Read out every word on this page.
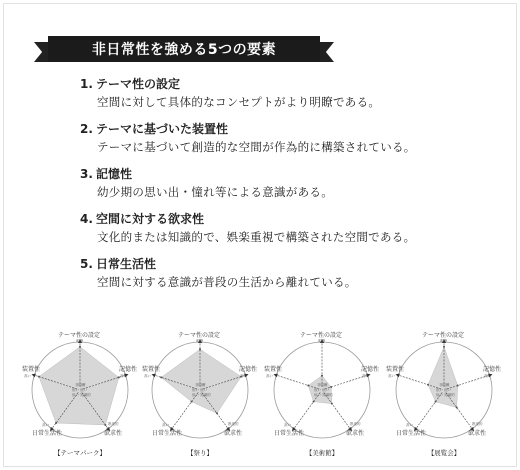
非日常性を強める5つの要素
1. テーマ性の設定
空間に対して具体的なコンセプトがより明瞭である。
2. テーマに基づいた装置性
テーマに基づいて創造的な空間が作為的に構築されている。
3. 記憶性
幼少期の思い出・憧れ等による意識がある。
4. 空間に対する欲求性
文化的または知識的で、娯楽重視で構築された空間である。
5. 日常生活性
空間に対する意識が普段の生活から離れている。
テーマ性の設定
記憶性
欲求性
日常生活性
装置性
明瞭
高い
娯楽的
高い
高い
非明瞭
低い 低い
低い 知識的
【テーマパーク】
テーマ性の設定
記憶性
欲求性
日常生活性
装置性
明瞭
高い
娯楽的
高い
高い
非明瞭
低い 低い
低い 知識的
【祭り】
テーマ性の設定
記憶性
欲求性
日常生活性
装置性
明瞭
高い
娯楽的
高い
高い
非明瞭
低い 低い
低い 知識的
【美術館】
テーマ性の設定
記憶性
欲求性
日常生活性
装置性
明瞭
高い
娯楽的
高い
高い
非明瞭
低い 低い
低い 知識的
【展覧会】
